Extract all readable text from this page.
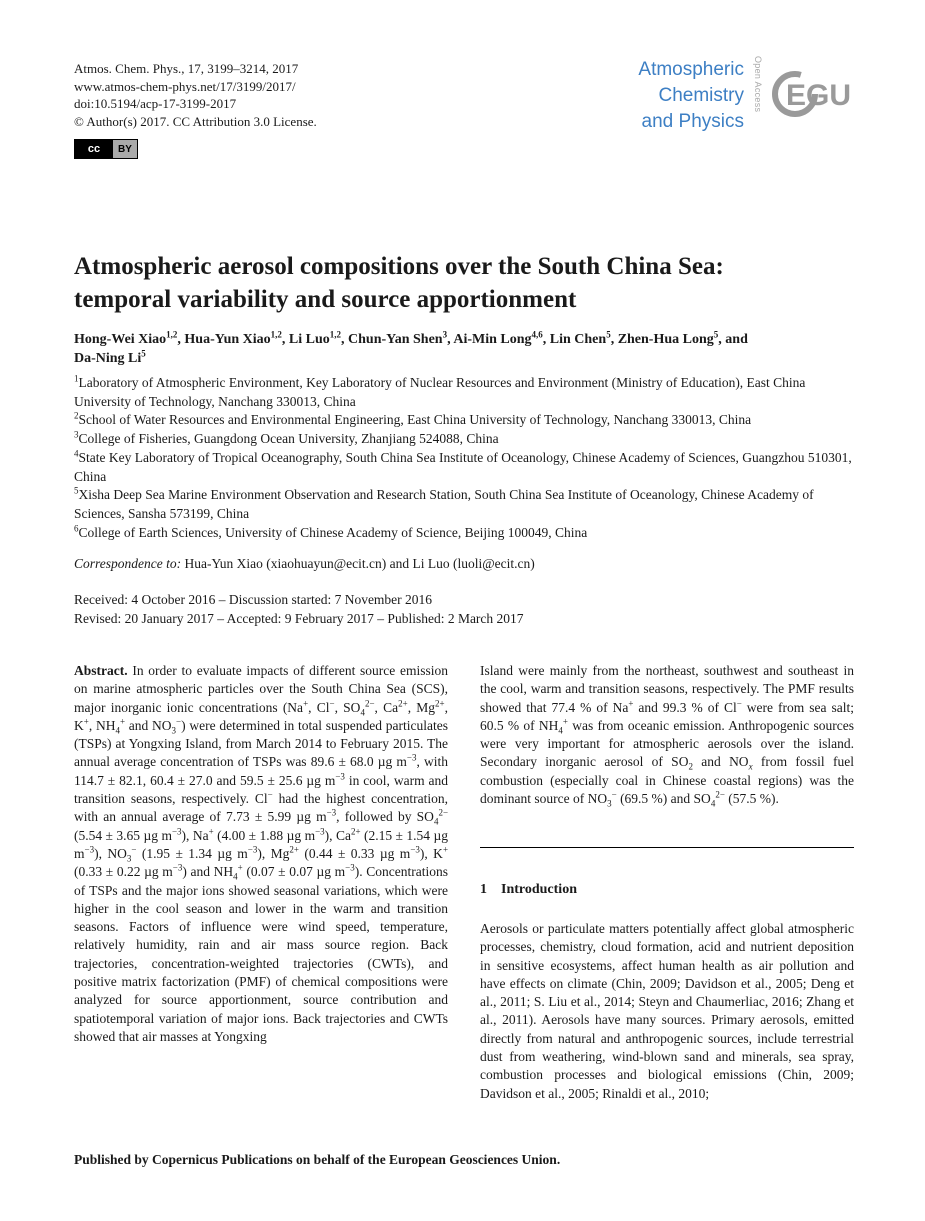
Atmos. Chem. Phys., 17, 3199–3214, 2017
www.atmos-chem-phys.net/17/3199/2017/
doi:10.5194/acp-17-3199-2017
© Author(s) 2017. CC Attribution 3.0 License.
cc	BY
Atmospheric
Chemistry
and Physics
Open Access EGU
Atmospheric aerosol compositions over the South China Sea:
temporal variability and source apportionment
Hong-Wei Xiao$^{1,2}$, Hua-Yun Xiao$^{1,2}$, Li Luo$^{1,2}$, Chun-Yan Shen$^3$, Ai-Min Long$^{4,6}$, Lin Chen$^5$, Zhen-Hua Long$^5$, and
Da-Ning Li$^5$

$^1$Laboratory of Atmospheric Environment, Key Laboratory of Nuclear Resources and Environment (Ministry of Education), East China University of Technology, Nanchang 330013, China

$^2$School of Water Resources and Environmental Engineering, East China University of Technology, Nanchang 330013, China

$^3$College of Fisheries, Guangdong Ocean University, Zhanjiang 524088, China

$^4$State Key Laboratory of Tropical Oceanography, South China Sea Institute of Oceanology, Chinese Academy of Sciences, Guangzhou 510301, China

$^5$Xisha Deep Sea Marine Environment Observation and Research Station, South China Sea Institute of Oceanology, Chinese Academy of Sciences, Sansha 573199, China

$^6$College of Earth Sciences, University of Chinese Academy of Science, Beijing 100049, China

Correspondence to: Hua-Yun Xiao (xiaohuayun@ecit.cn) and Li Luo (luoli@ecit.cn)
Received: 4 October 2016 – Discussion started: 7 November 2016
Revised: 20 January 2017 – Accepted: 9 February 2017 – Published: 2 March 2017

Abstract. In order to evaluate impacts of different source emission on marine atmospheric particles over the South China Sea (SCS), major inorganic ionic concentrations (Na+, Cl−, $SO_4^{2-}$, $Ca^{2+}$, $Mg^{2+}$, K+, $NH_4^+$ and $NO_3^-$) were determined in total suspended particulates (TSPs) at Yongxing Island, from March 2014 to February 2015. The annual average concentration of TSPs was 89.6 ± 68.0 µg $m^{-3}$, with 114.7 ± 82.1, 60.4 ± 27.0 and 59.5 ± 25.6 µg $m^{-3}$ in cool, warm and transition seasons, respectively. Cl− had the highest concentration, with an annual average of 7.73 ± 5.99 µg $m^{-3}$, followed by $SO_4^{2-}$ (5.54 ± 3.65 µg $m^{-3}$), Na+ (4.00 ± 1.88 µg $m^{-3}$), $Ca^{2+}$ (2.15 ± 1.54 µg $m^{-3}$), $NO_3^-$ (1.95 ± 1.34 µg $m^{-3}$), $Mg^{2+}$ (0.44 ± 0.33 µg $m^{-3}$), K+ (0.33 ± 0.22 µg $m^{-3}$) and $NH_4^+$ (0.07 ± 0.07 µg $m^{-3}$). Concentrations of TSPs and the major ions showed seasonal variations, which were higher in the cool season and lower in the warm and transition seasons. Factors of influence were wind speed, temperature, relatively humidity, rain and air mass source region. Back trajectories, concentration-weighted trajectories (CWTs), and positive matrix factorization (PMF) of chemical compositions were analyzed for source apportionment, source contribution and spatiotemporal variation of major ions. Back trajectories and CWTs showed that air masses at Yongxing

Island were mainly from the northeast, southwest and southeast in the cool, warm and transition seasons, respectively. The PMF results showed that 77.4 % of Na+ and 99.3 % of Cl− were from sea salt; 60.5 % of $NH_4^+$ was from oceanic emission. Anthropogenic sources were very important for atmospheric aerosols over the island. Secondary inorganic aerosol of $SO_2$ and $NO_x$ from fossil fuel combustion (especially coal in Chinese coastal regions) was the dominant source of $NO_3^-$ (69.5 %) and $SO_4^{2-}$ (57.5 %).

1 Introduction

Aerosols or particulate matters potentially affect global atmospheric processes, chemistry, cloud formation, acid and nutrient deposition in sensitive ecosystems, affect human health as air pollution and have effects on climate (Chin, 2009; Davidson et al., 2005; Deng et al., 2011; S. Liu et al., 2014; Steyn and Chaumerliac, 2016; Zhang et al., 2011). Aerosols have many sources. Primary aerosols, emitted directly from natural and anthropogenic sources, include terrestrial dust from weathering, wind-blown sand and minerals, sea spray, combustion processes and biological emissions (Chin, 2009; Davidson et al., 2005; Rinaldi et al., 2010;

Published by Copernicus Publications on behalf of the European Geosciences Union.
